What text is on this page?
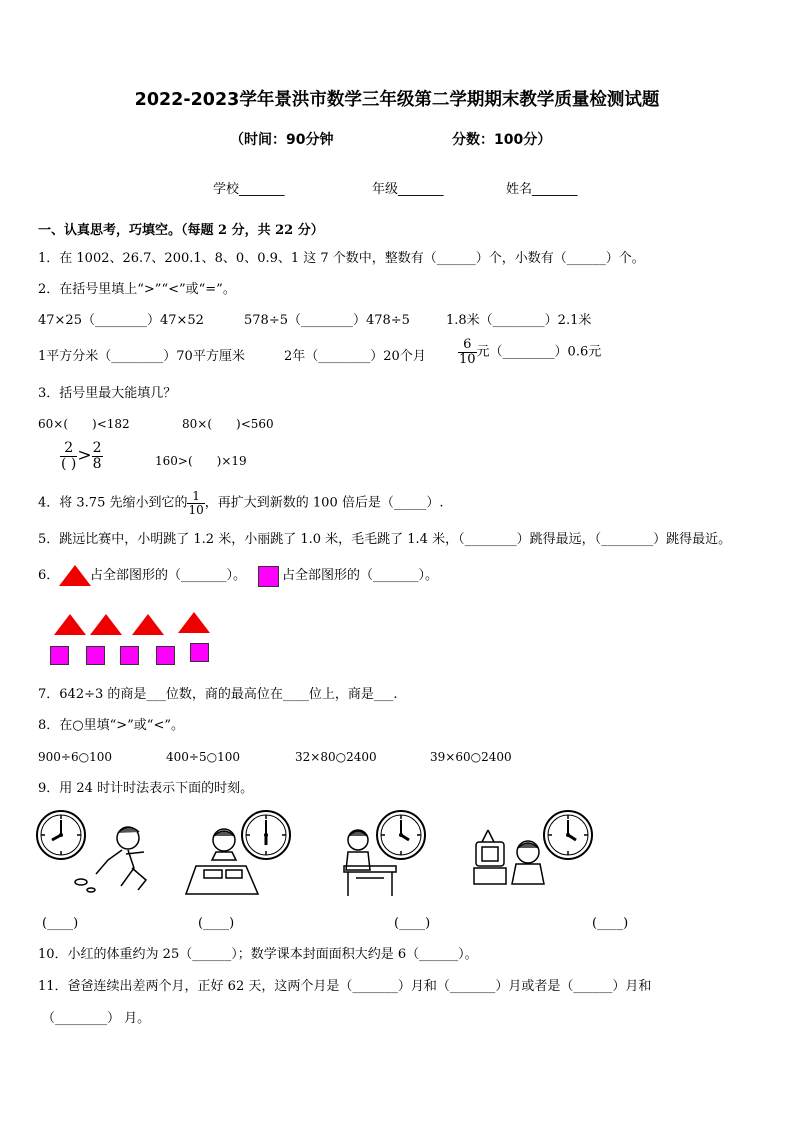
2022-2023学年景洪市数学三年级第二学期期末教学质量检测试题
（时间：90分钟	分数：100分）
学校_______	年级_______	姓名_______
一、认真思考，巧填空。（每题 2 分，共 22 分）
1．在 1002、26.7、200.1、8、0、0.9、1 这 7 个数中，整数有（______）个，小数有（______）个。
2．在括号里填上“>”“<”或“=”。
47×25（________）47×52	578÷5（________）478÷5	1.8米（________）2.1米
1平方分米（________）70平方厘米	2年（________）20个月 $\frac{6}{10}$ 元（________）0.6元
3．括号里最大能填几？
60×(　　)<182	80×(　　)<560
$\frac{2}{( )} > \frac{2}{8}$	160>(　　)×19
4．将 3.75 先缩小到它的 $\frac{1}{10}$ ，再扩大到新数的 100 倍后是（_____）.
5．跳远比赛中，小明跳了 1.2 米，小丽跳了 1.0 米，毛毛跳了 1.4 米，（________）跳得最远，（________）跳得最近。
6． 占全部图形的（_______）。	占全部图形的（_______）。
7．642÷3 的商是___位数，商的最高位在____位上，商是___.
8．在○里填“>”或“<”。
900÷6○100	400÷5○100	32×80○2400	39×60○2400
9．用 24 时计时法表示下面的时刻。
(____)	(____)	(____)	(____)
10．小红的体重约为 25（______）；数学课本封面面积大约是 6（______）。
11．爸爸连续出差两个月，正好 62 天，这两个月是（_______）月和（_______）月或者是（______）月和
（________） 月。
